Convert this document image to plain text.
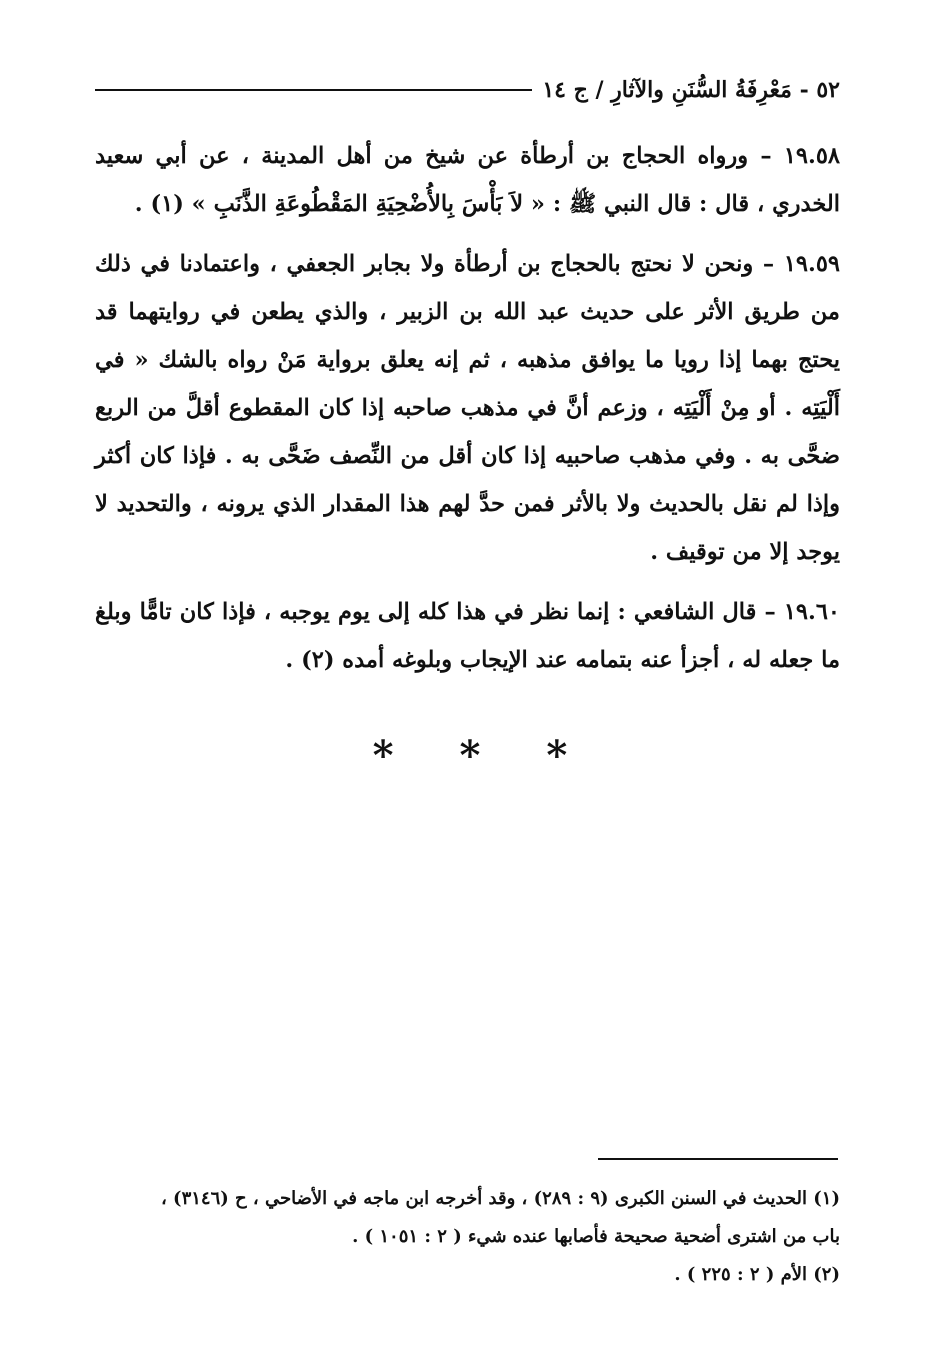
٥٢ - مَعْرِفَةُ السُّنَنِ والآثارِ / ج ١٤

١٩.٥٨ – ورواه الحجاج بن أرطأة عن شيخ من أهل المدينة ، عن أبي سعيد الخدري ، قال : قال النبي ﷺ : « لاَ بَأْسَ بِالأُضْحِيَةِ المَقْطُوعَةِ الذَّنَبِ » (١) .

١٩.٥٩ – ونحن لا نحتج بالحجاج بن أرطأة ولا بجابر الجعفي ، واعتمادنا في ذلك من طريق الأثر على حديث عبد الله بن الزبير ، والذي يطعن في روايتهما قد يحتج بهما إذا رويا ما يوافق مذهبه ، ثم إنه يعلق برواية مَنْ رواه بالشك « في أَلْيَتِه . أو مِنْ أَلْيَتِه ، وزعم أنَّ في مذهب صاحبه إذا كان المقطوع أقلَّ من الربع ضحَّى به . وفي مذهب صاحبيه إذا كان أقل من النِّصف ضَحَّى به . فإذا كان أكثر وإذا لم نقل بالحديث ولا بالأثر فمن حدَّ لهم هذا المقدار الذي يرونه ، والتحديد لا يوجد إلا من توقيف .

١٩.٦٠ – قال الشافعي : إنما نظر في هذا كله إلى يوم يوجبه ، فإذا كان تامًّا وبلغ ما جعله له ، أجزأ عنه بتمامه عند الإيجاب وبلوغه أمده (٢) .

* * *

(١) الحديث في السنن الكبرى (٩ : ٢٨٩) ، وقد أخرجه ابن ماجه في الأضاحي ، ح (٣١٤٦) ،

باب من اشترى أضحية صحيحة فأصابها عنده شيء ( ٢ : ١٠٥١ ) .

(٢) الأم ( ٢ : ٢٢٥ ) .
